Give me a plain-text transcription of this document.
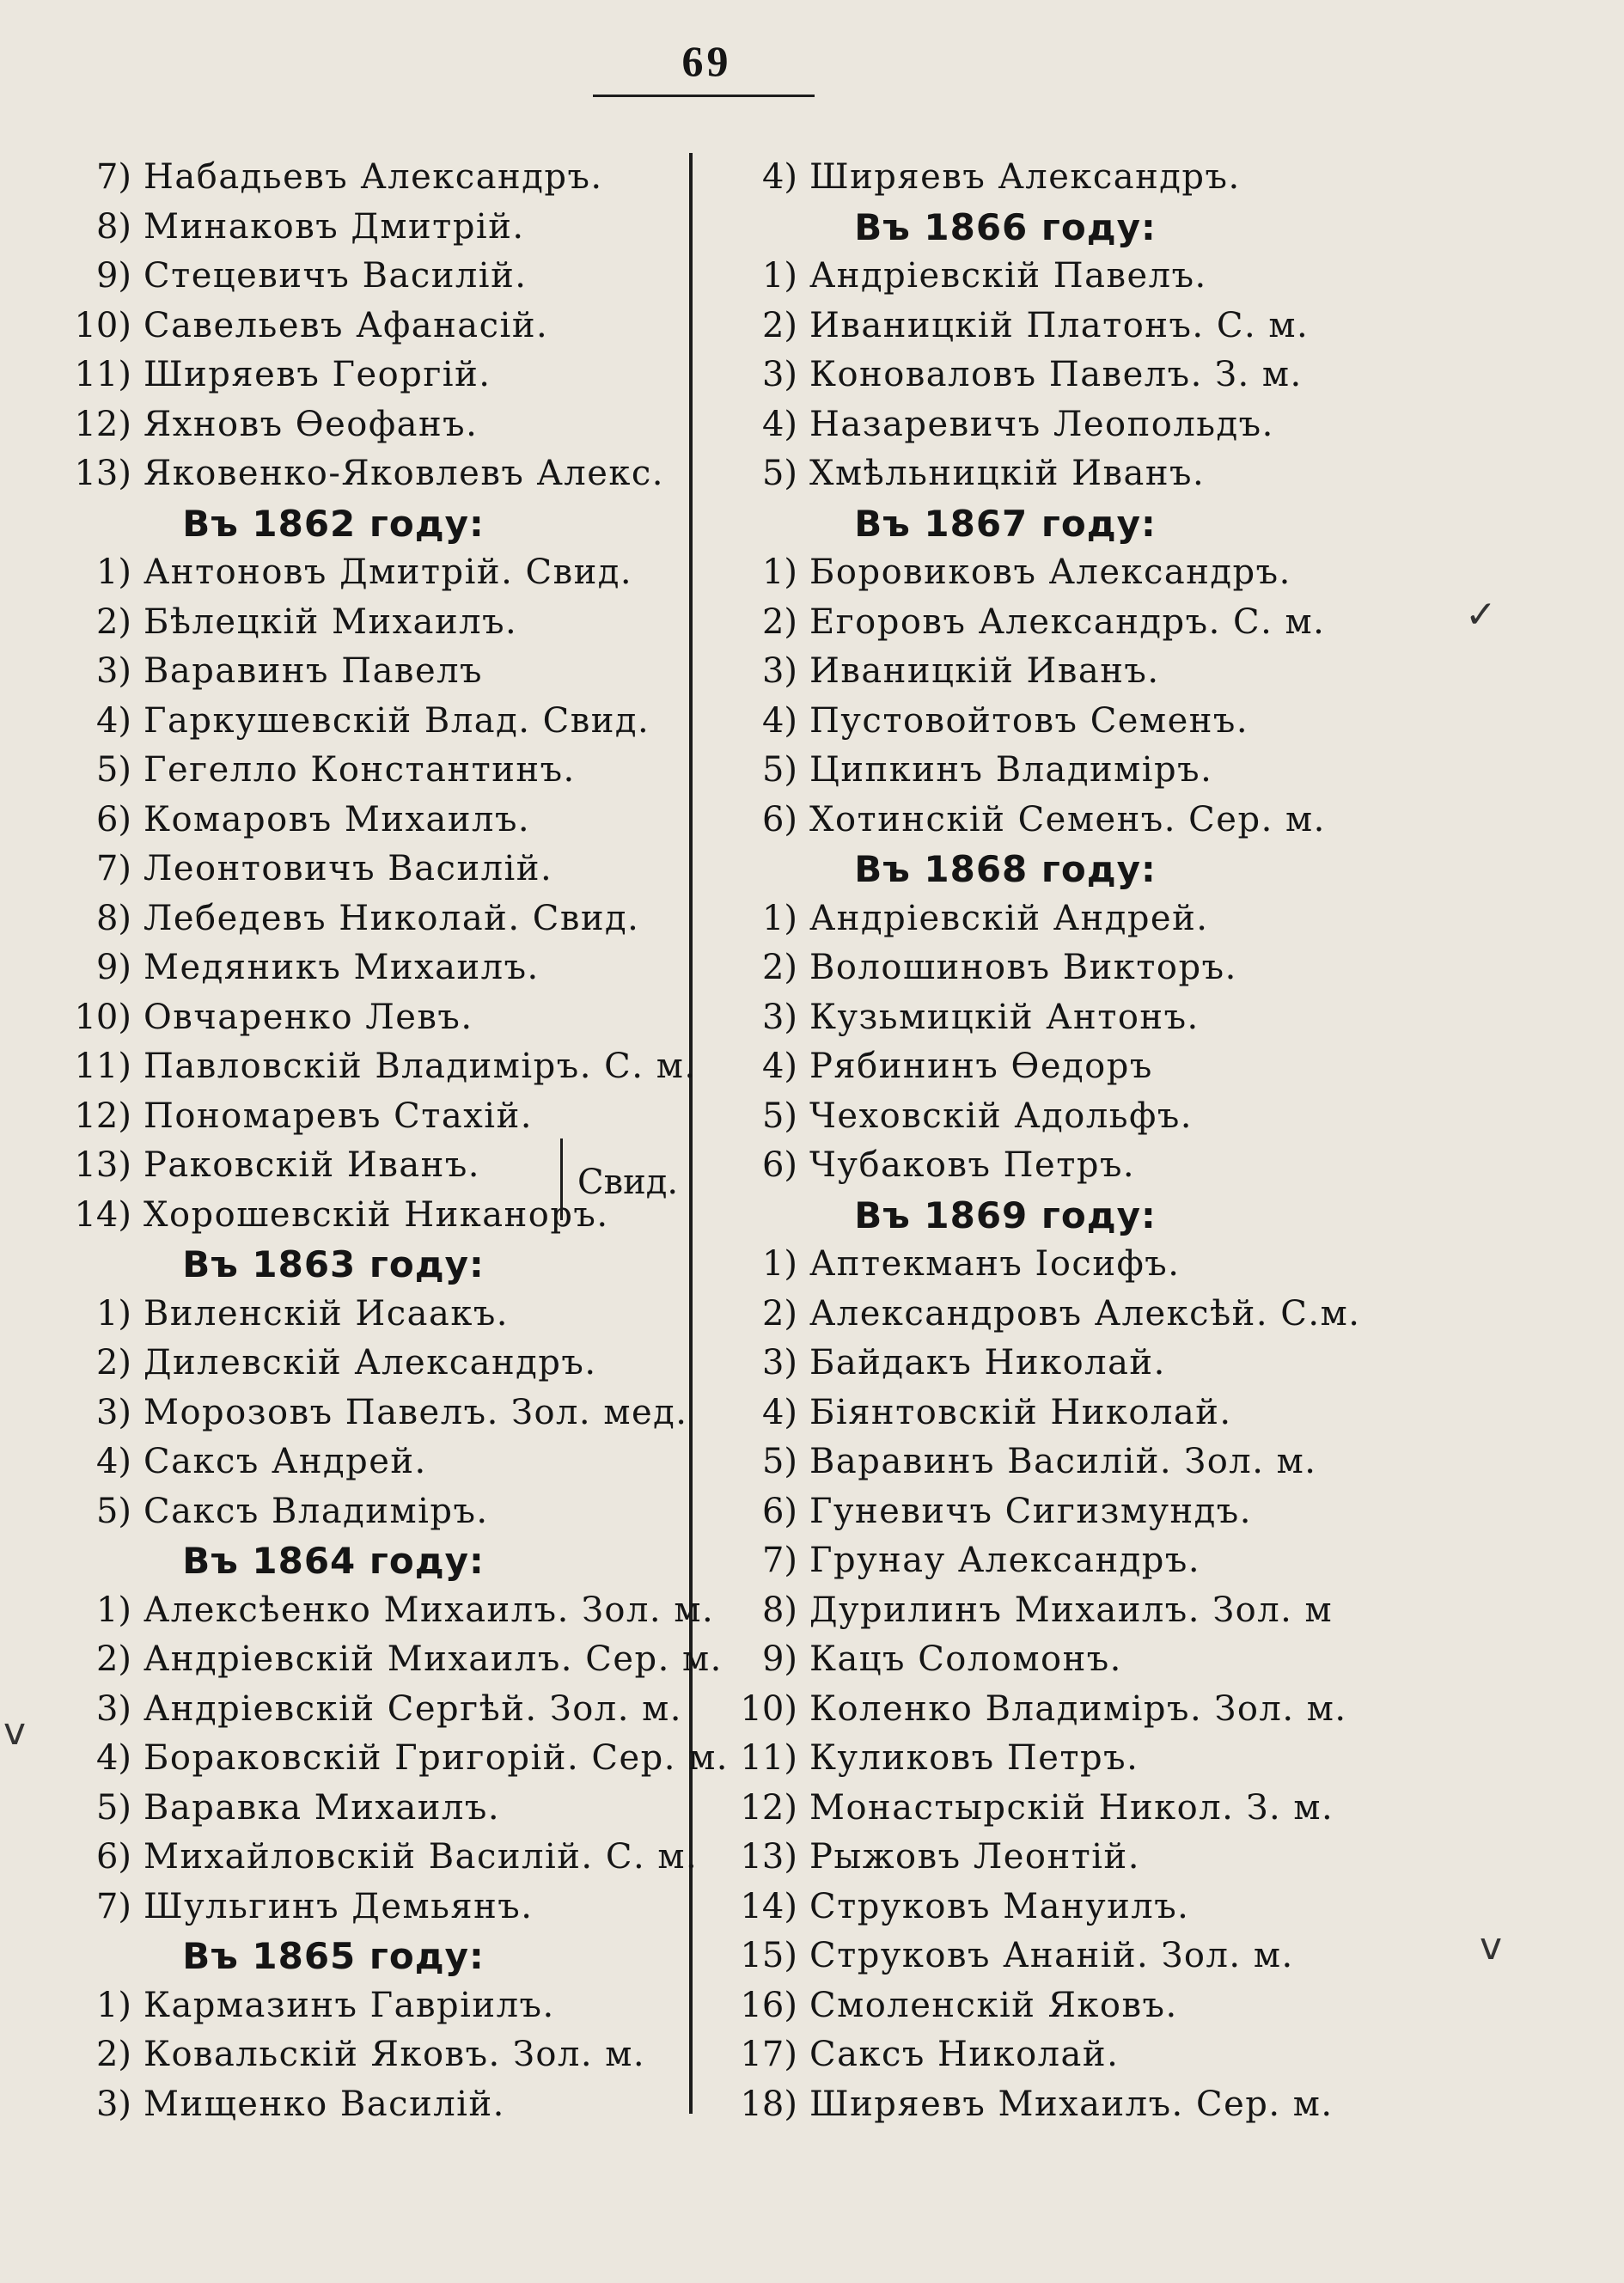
69
7) Набадьевъ Александръ.
8) Минаковъ Дмитрій.
9) Стецевичъ Василій.
10) Савельевъ Афанасій.
11) Ширяевъ Георгій.
12) Яхновъ Ѳеофанъ.
13) Яковенко-Яковлевъ Алекс.
Въ 1862 году:
1) Антоновъ Дмитрій. Свид.
2) Бѣлецкій Михаилъ.
3) Варавинъ Павелъ
4) Гаркушевскій Влад. Свид.
5) Гегелло Константинъ.
6) Комаровъ Михаилъ.
7) Леонтовичъ Василій.
8) Лебедевъ Николай. Свид.
9) Медяникъ Михаилъ.
10) Овчаренко Левъ.
11) Павловскій Владиміръ. С. м.
12) Пономаревъ Стахій.
13) Раковскій Иванъ.
14) Хорошевскій Никаноръ.
Въ 1863 году:
1) Виленскій Исаакъ.
2) Дилевскій Александръ.
3) Морозовъ Павелъ. Зол. мед.
4) Саксъ Андрей.
5) Саксъ Владиміръ.
Въ 1864 году:
1) Алексѣенко Михаилъ. Зол. м.
2) Андріевскій Михаилъ. Сер. м.
3) Андріевскій Сергѣй. Зол. м.
4) Бораковскій Григорій. Сер. м.
5) Варавка Михаилъ.
6) Михайловскій Василій. С. м.
7) Шульгинъ Демьянъ.
Въ 1865 году:
1) Кармазинъ Гавріилъ.
2) Ковальскій Яковъ. Зол. м.
3) Мищенко Василій.
4) Ширяевъ Александръ.
Въ 1866 году:
1) Андріевскій Павелъ.
2) Иваницкій Платонъ. С. м.
3) Коноваловъ Павелъ. З. м.
4) Назаревичъ Леопольдъ.
5) Хмѣльницкій Иванъ.
Въ 1867 году:
1) Боровиковъ Александръ.
2) Егоровъ Александръ. С. м.
3) Иваницкій Иванъ.
4) Пустовойтовъ Семенъ.
5) Ципкинъ Владиміръ.
6) Хотинскій Семенъ. Сер. м.
Въ 1868 году:
1) Андріевскій Андрей.
2) Волошиновъ Викторъ.
3) Кузьмицкій Антонъ.
4) Рябининъ Ѳедоръ
5) Чеховскій Адольфъ.
6) Чубаковъ Петръ.
Въ 1869 году:
1) Аптекманъ Іосифъ.
2) Александровъ Алексѣй. С.м.
3) Байдакъ Николай.
4) Біянтовскій Николай.
5) Варавинъ Василій. Зол. м.
6) Гуневичъ Сигизмундъ.
7) Грунау Александръ.
8) Дурилинъ Михаилъ. Зол. м
9) Кацъ Соломонъ.
10) Коленко Владиміръ. Зол. м.
11) Куликовъ Петръ.
12) Монастырскій Никол. З. м.
13) Рыжовъ Леонтій.
14) Струковъ Мануилъ.
15) Струковъ Ананій. Зол. м.
16) Смоленскій Яковъ.
17) Саксъ Николай.
18) Ширяевъ Михаилъ. Сер. м.
Свид.
✓
v
v
